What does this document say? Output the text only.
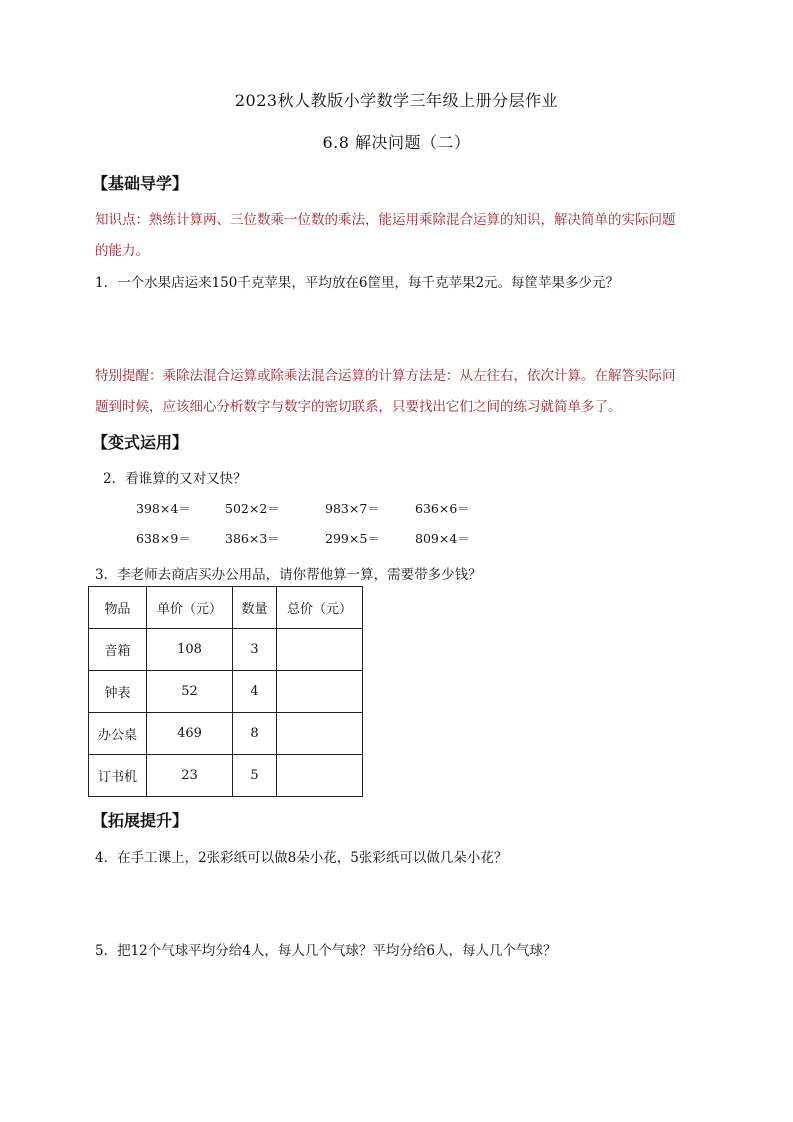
2023秋人教版小学数学三年级上册分层作业
6.8 解决问题（二）
【基础导学】
知识点：熟练计算两、三位数乘一位数的乘法，能运用乘除混合运算的知识，解决简单的实际问题
的能力。
1．一个水果店运来150千克苹果，平均放在6筐里，每千克苹果2元。每筐苹果多少元？
特别提醒：乘除法混合运算或除乘法混合运算的计算方法是：从左往右，依次计算。在解答实际问
题到时候，应该细心分析数字与数字的密切联系，只要找出它们之间的练习就简单多了。
【变式运用】
2．看谁算的又对又快？
398×4＝	502×2＝	983×7＝	636×6＝
638×9＝	386×3＝	299×5＝	809×4＝
3．李老师去商店买办公用品，请你帮他算一算，需要带多少钱？
物品	单价（元）	数量	总价（元）
音箱	108	3	
钟表	52	4	
办公桌	469	8	
订书机	23	5	
【拓展提升】
4．在手工课上，2张彩纸可以做8朵小花，5张彩纸可以做几朵小花？
5．把12个气球平均分给4人，每人几个气球？平均分给6人，每人几个气球？
